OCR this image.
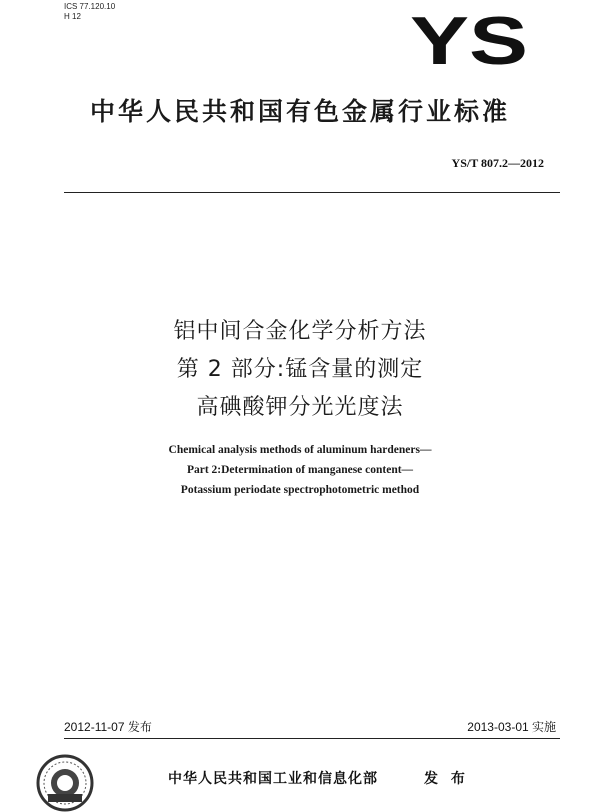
ICS 77.120.10
H 12	YS
中华人民共和国有色金属行业标准
YS/T 807.2—2012
铝中间合金化学分析方法
第 2 部分:锰含量的测定
高碘酸钾分光光度法
Chemical analysis methods of aluminum hardeners—
Part 2:Determination of manganese content—
Potassium periodate spectrophotometric method
2012-11-07 发布	2013-03-01 实施
中华人民共和国工业和信息化部	发 布
